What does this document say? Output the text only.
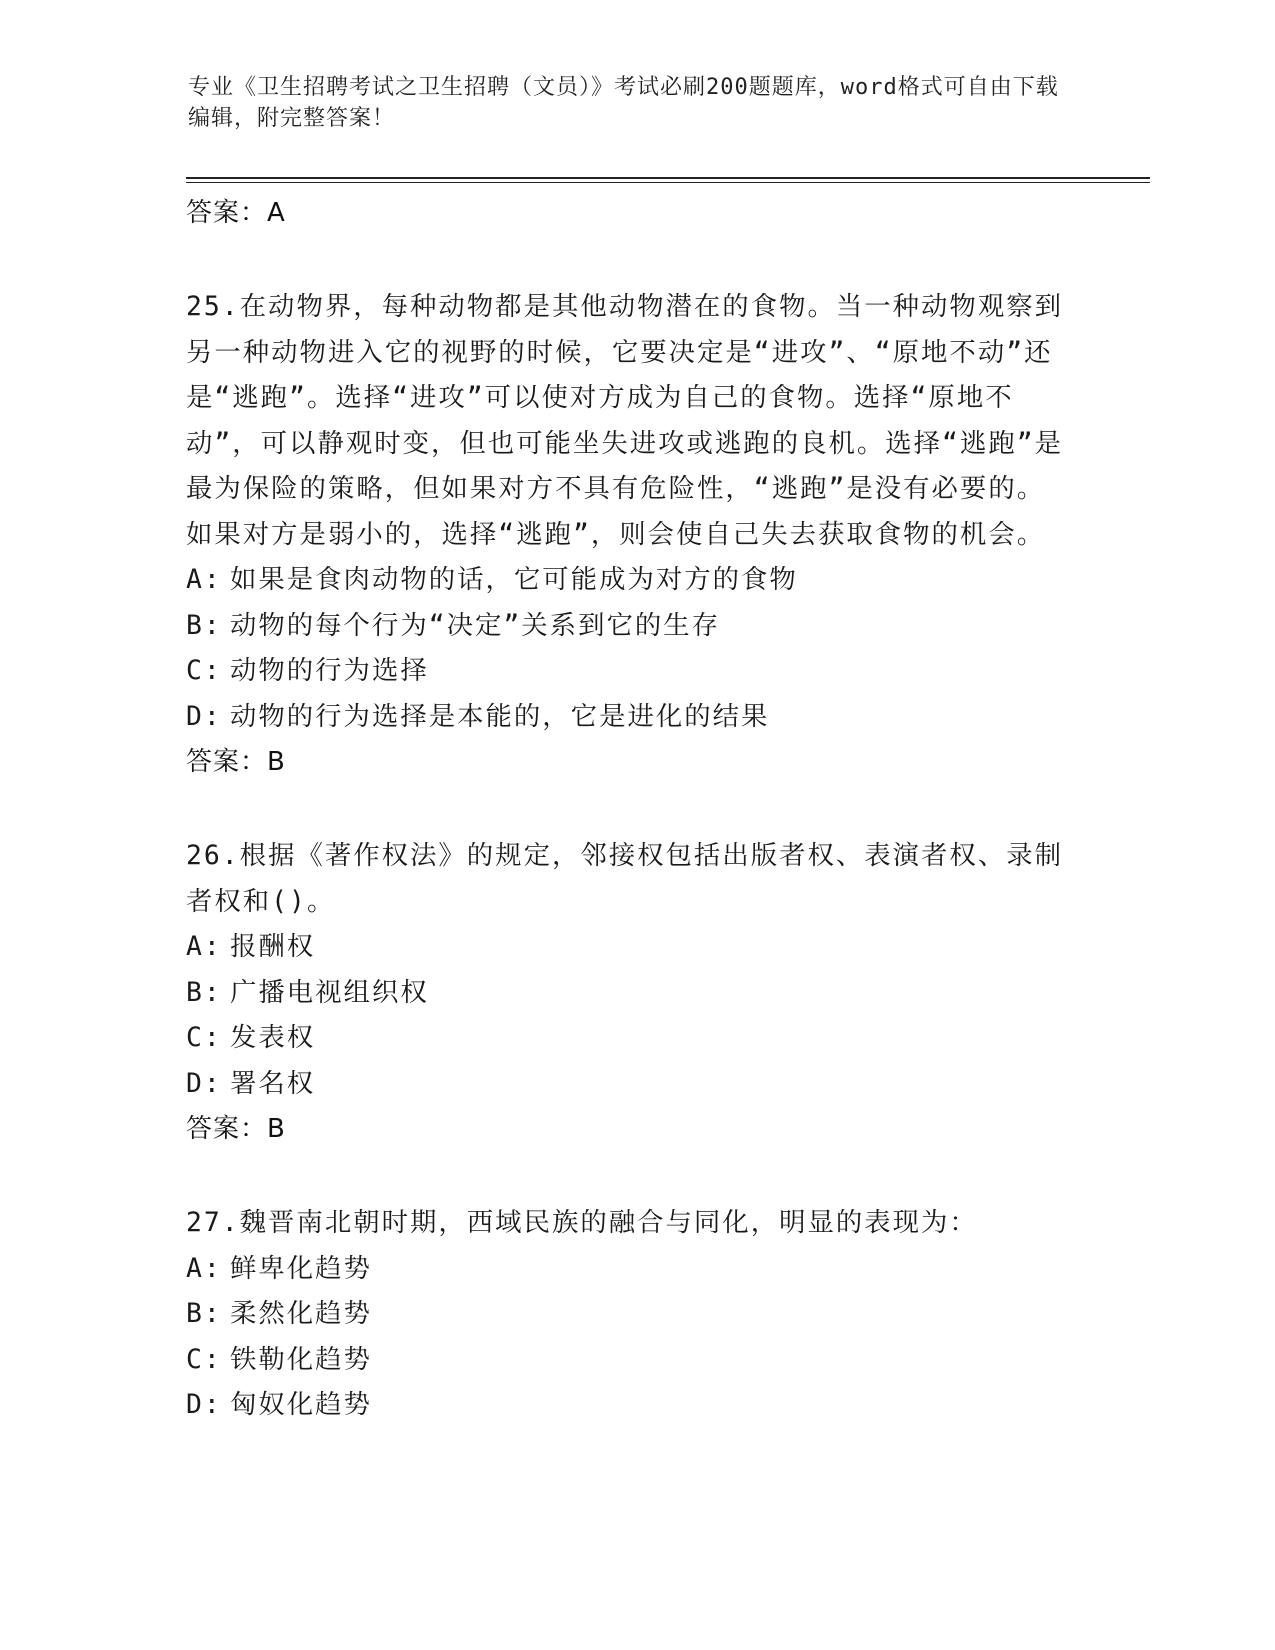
专业《卫生招聘考试之卫生招聘（文员）》考试必刷200题题库，word格式可自由下载编辑，附完整答案！
答案：A
25.在动物界，每种动物都是其他动物潜在的食物。当一种动物观察到另一种动物进入它的视野的时候，它要决定是“进攻”、“原地不动”还是“逃跑”。选择“进攻”可以使对方成为自己的食物。选择“原地不动”，可以静观时变，但也可能坐失进攻或逃跑的良机。选择“逃跑”是最为保险的策略，但如果对方不具有危险性，“逃跑”是没有必要的。如果对方是弱小的，选择“逃跑”，则会使自己失去获取食物的机会。
A: 如果是食肉动物的话，它可能成为对方的食物
B: 动物的每个行为“决定”关系到它的生存
C: 动物的行为选择
D: 动物的行为选择是本能的，它是进化的结果
答案：B
26.根据《著作权法》的规定，邻接权包括出版者权、表演者权、录制者权和()。
A: 报酬权
B: 广播电视组织权
C: 发表权
D: 署名权
答案：B
27.魏晋南北朝时期，西域民族的融合与同化，明显的表现为：
A: 鲜卑化趋势
B: 柔然化趋势
C: 铁勒化趋势
D: 匈奴化趋势
